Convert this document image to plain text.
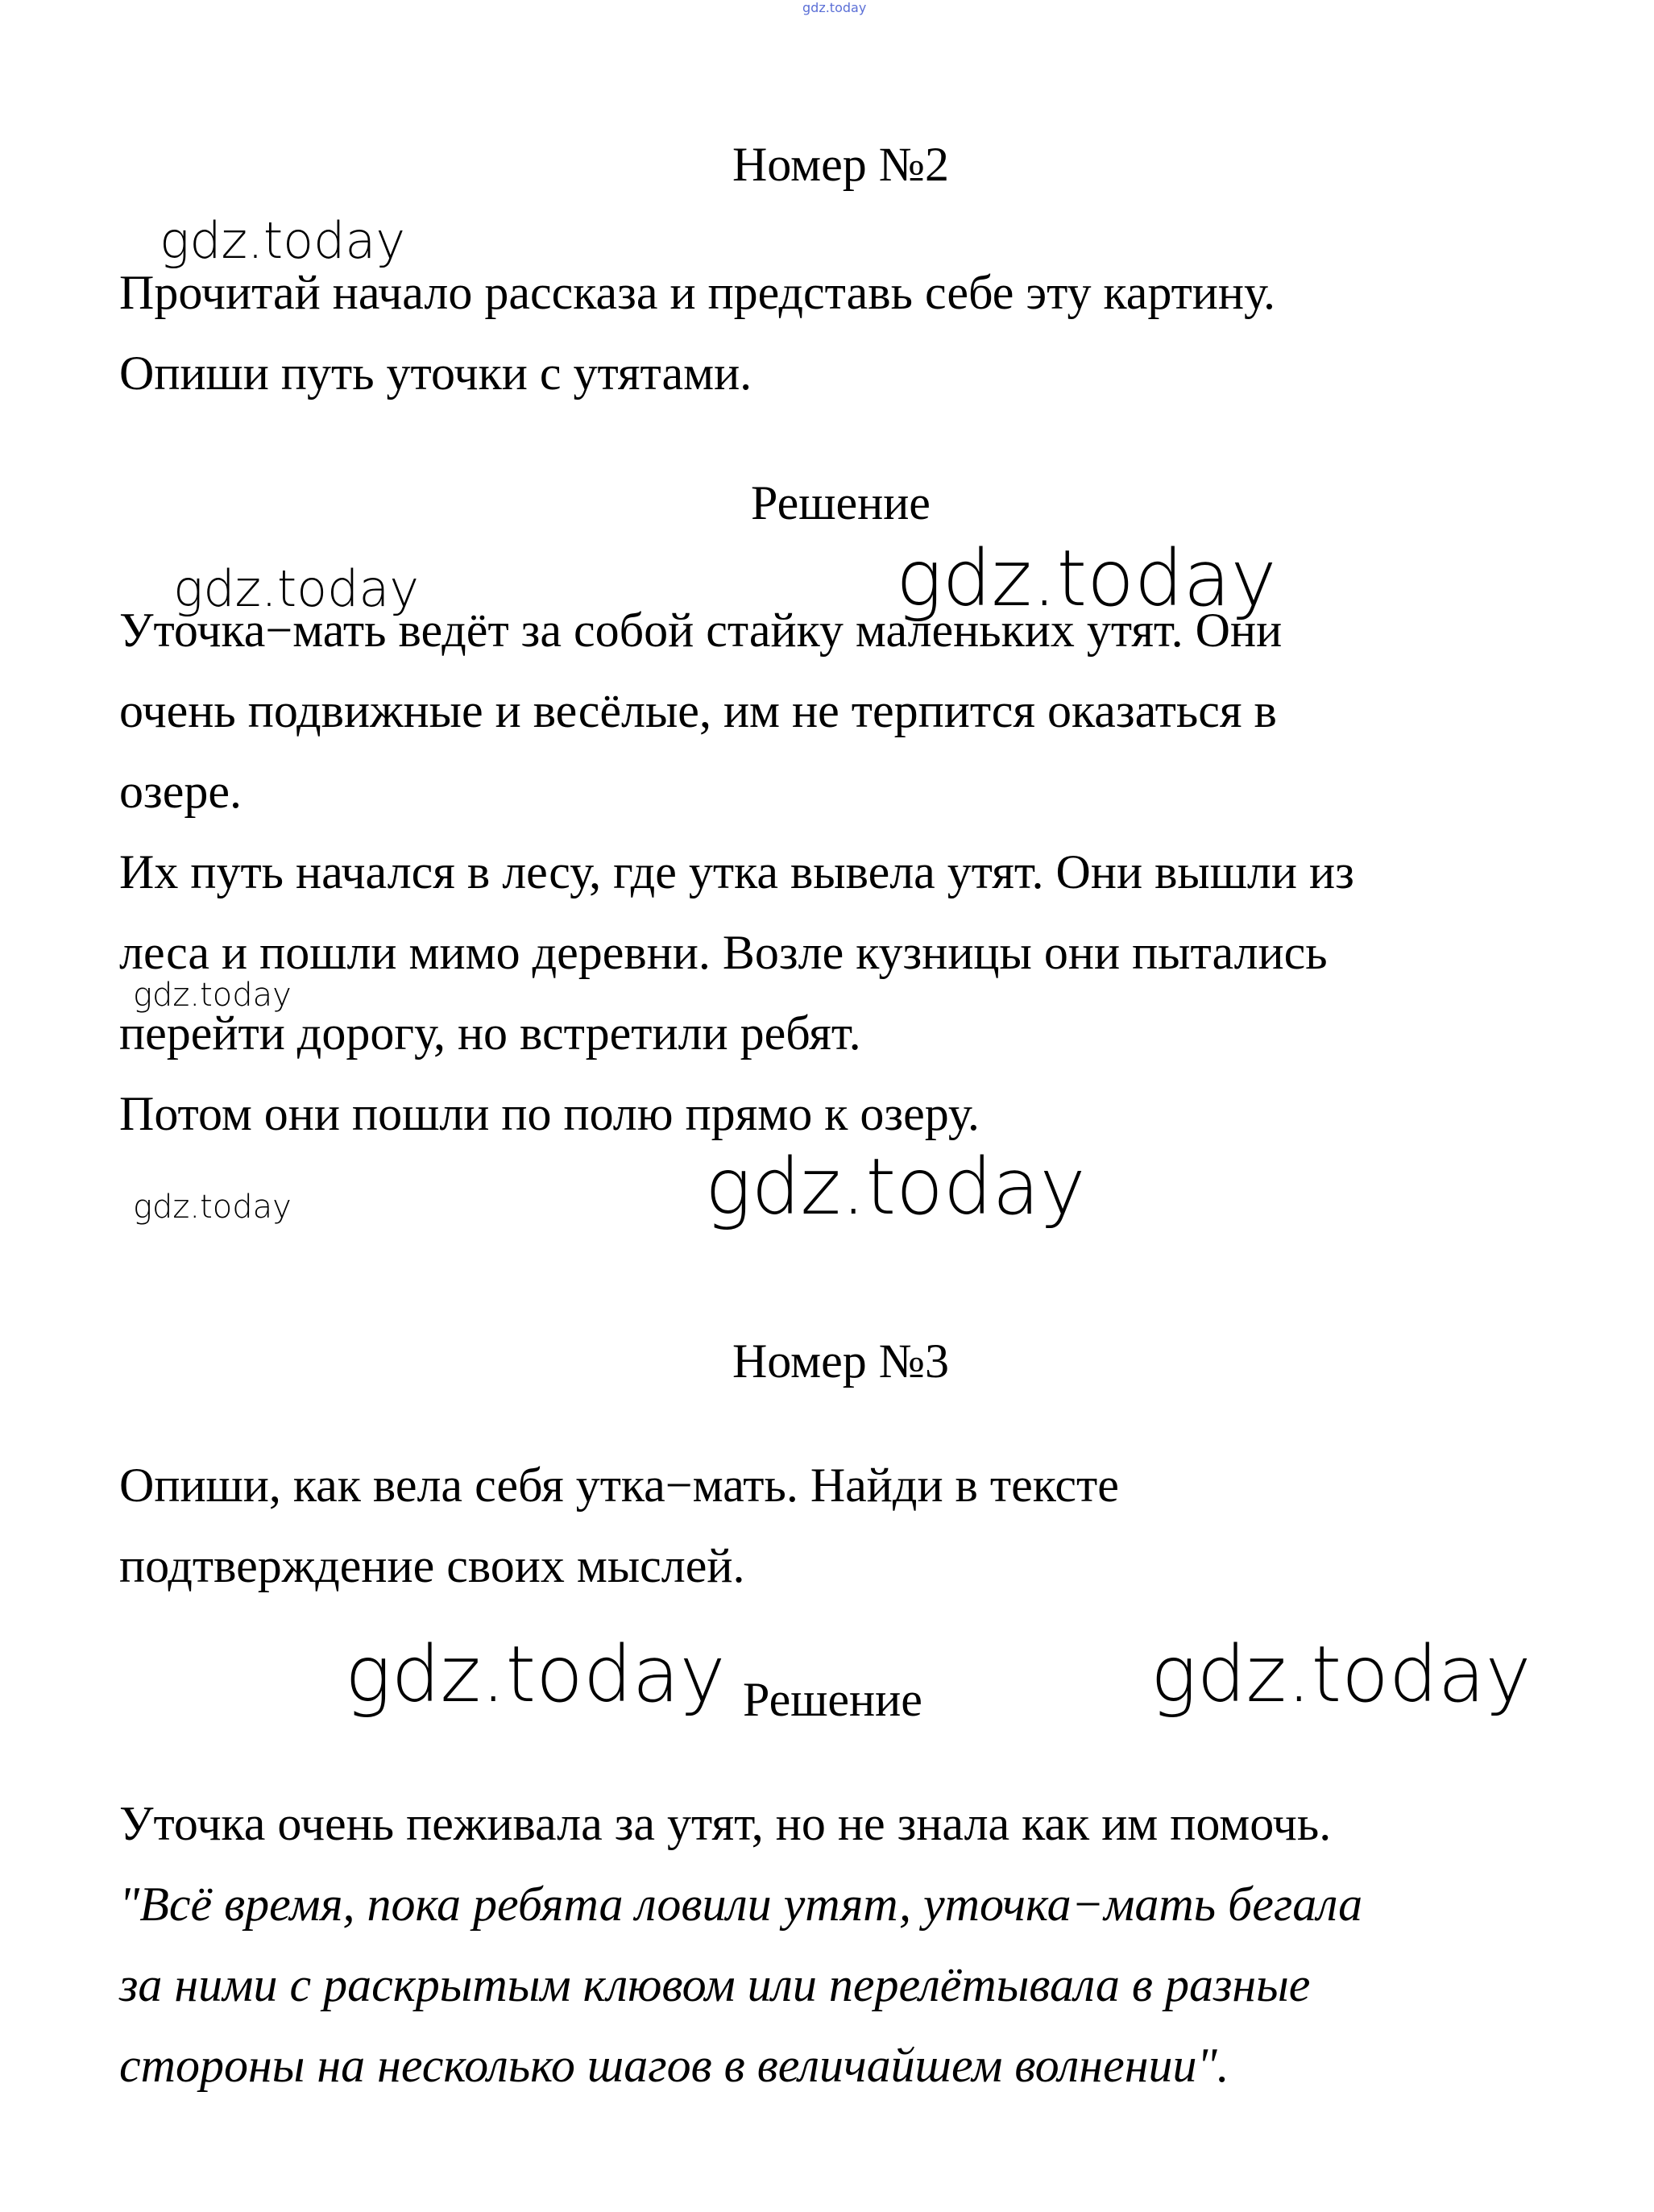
gdz.today
Номер №2
gdz.today
Прочитай начало рассказа и представь себе эту картину.
Опиши путь уточки с утятами.
Решение
gdz.today	gdz.today
Уточка−мать ведёт за собой стайку маленьких утят. Они
очень подвижные и весёлые, им не терпится оказаться в
озере.
Их путь начался в лесу, где утка вывела утят. Они вышли из
леса и пошли мимо деревни. Возле кузницы они пытались
gdz.today
перейти дорогу, но встретили ребят.
Потом они пошли по полю прямо к озеру.
gdz.today
gdz.today
Номер №3
Опиши, как вела себя утка−мать. Найди в тексте
подтверждение своих мыслей.
gdz.today Решение	gdz.today
Уточка очень пеживала за утят, но не знала как им помочь.
"Всё время, пока ребята ловили утят, уточка−мать бегала
за ними с раскрытым клювом или перелётывала в разные
стороны на несколько шагов в величайшем волнении".
